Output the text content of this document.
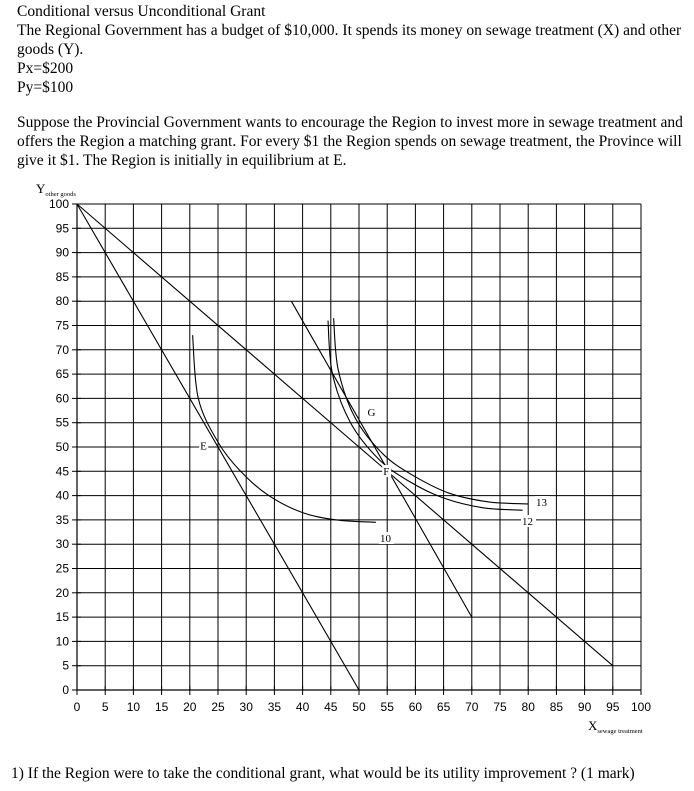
Conditional versus Unconditional Grant
The Regional Government has a budget of $10,000. It spends its money on sewage treatment (X) and other goods (Y).
Px=$200
Py=$100
Suppose the Provincial Government wants to encourage the Region to invest more in sewage treatment and offers the Region a matching grant. For every $1 the Region spends on sewage treatment, the Province will give it $1. The Region is initially in equilibrium at E.
0
5
10
15
20
25
30
35
40
45
50
55
60
65
70
75
80
85
90
95
100
0 5 10 15 20 25 30 35 40 45 50 55 60 65 70 75 80 85 90 95 100
Yother goods
Xsewage treatment
10
12
13
E
G
F
1) If the Region were to take the conditional grant, what would be its utility improvement ? (1 mark)
